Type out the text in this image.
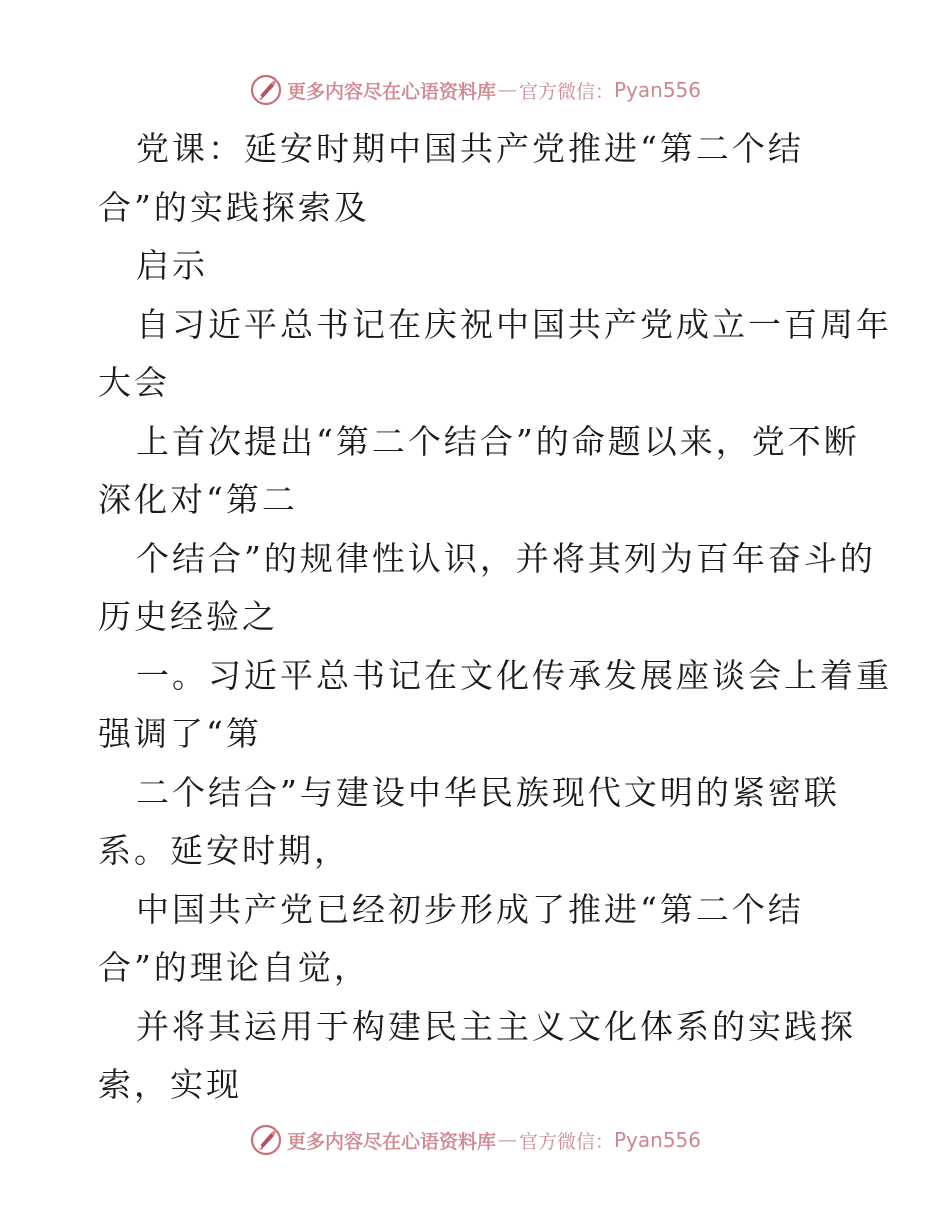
更多内容尽在心语资料库 — 官方微信： Pyan556
党课：延安时期中国共产党推进“第二个结
合”的实践探索及
启示
自习近平总书记在庆祝中国共产党成立一百周年
大会
上首次提出“第二个结合”的命题以来，党不断
深化对“第二
个结合”的规律性认识，并将其列为百年奋斗的
历史经验之
一。习近平总书记在文化传承发展座谈会上着重
强调了“第
二个结合”与建设中华民族现代文明的紧密联
系。延安时期，
中国共产党已经初步形成了推进“第二个结
合”的理论自觉，
并将其运用于构建民主主义文化体系的实践探
索，实现
更多内容尽在心语资料库 — 官方微信： Pyan556
